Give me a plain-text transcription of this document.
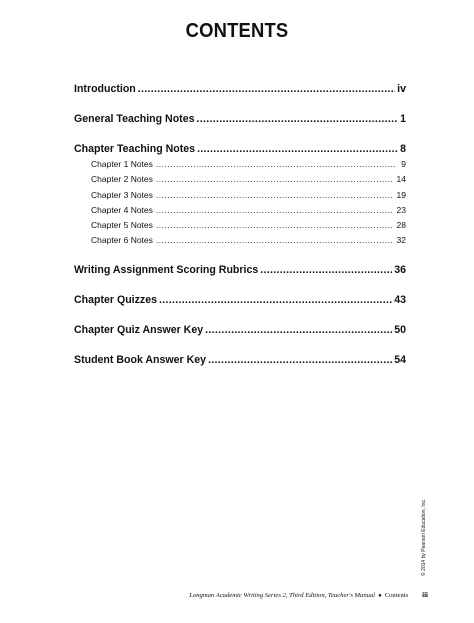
CONTENTS
Introduction .....	iv
General Teaching Notes .....	1
Chapter Teaching Notes .....	8
Chapter 1 Notes .....	9
Chapter 2 Notes .....	14
Chapter 3 Notes .....	19
Chapter 4 Notes .....	23
Chapter 5 Notes .....	28
Chapter 6 Notes .....	32
Writing Assignment Scoring Rubrics .....	36
Chapter Quizzes .....	43
Chapter Quiz Answer Key .....	50
Student Book Answer Key .....	54
© 2014 by Pearson Education, Inc.
Longman Academic Writing Series 2, Third Edition, Teacher's Manual ● Contents iii
